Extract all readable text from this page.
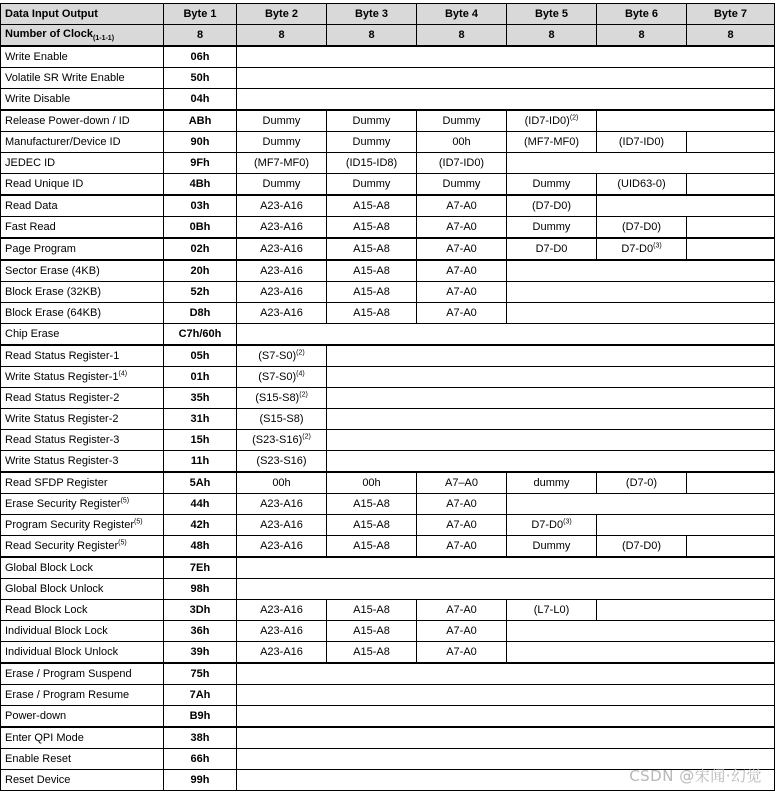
Data Input Output	Byte 1	Byte 2	Byte 3	Byte 4	Byte 5	Byte 6	Byte 7
Number of Clock$_{(1-1-1)}$	8	8	8	8	8	8	8
Write Enable	06h						
Volatile SR Write Enable	50h						
Write Disable	04h						
Release Power-down / ID	ABh	Dummy	Dummy	Dummy	$(ID7-ID0)^{(2)}$	
Manufacturer/Device ID	90h	Dummy	Dummy	00h	(MF7-MF0)	(ID7-ID0)	
JEDEC ID	9Fh	(MF7-MF0)	(ID15-ID8)	(ID7-ID0)			
Read Unique ID	4Bh	Dummy	Dummy	Dummy	Dummy	(UID63-0)	
Read Data	03h	A23-A16	A15-A8	A7-A0	(D7-D0)		
Fast Read	0Bh	A23-A16	A15-A8	A7-A0	Dummy	(D7-D0)	
Page Program	02h	A23-A16	A15-A8	A7-A0	D7-D0	D7-D0$^{(3)}$	
Sector Erase (4KB)	20h	A23-A16	A15-A8	A7-A0			
Block Erase (32KB)	52h	A23-A16	A15-A8	A7-A0			
Block Erase (64KB)	D8h	A23-A16	A15-A8	A7-A0			
Chip Erase	C7h/60h						
Read Status Register-1	05h	$(S7-S0)^{(2)}$	
Write Status Register-1$^{(4)}$	01h	$(S7-S0)^{(4)}$	
Read Status Register-2	35h	$(S15-S8)^{(2)}$	
Write Status Register-2	31h	(S15-S8)					
Read Status Register-3	15h	$(S23-S16)^{(2)}$	
Write Status Register-3	11h	(S23-S16)					
Read SFDP Register	5Ah	00h	00h	A7–A0	dummy	(D7-0)	
Erase Security Register$^{(5)}$	44h	A23-A16	A15-A8	A7-A0			
Program Security Register$^{(5)}$	42h	A23-A16	A15-A8	A7-A0	D7-D0$^{(3)}$	
Read Security Register$^{(5)}$	48h	A23-A16	A15-A8	A7-A0	Dummy	(D7-D0)	
Global Block Lock	7Eh						
Global Block Unlock	98h						
Read Block Lock	3Dh	A23-A16	A15-A8	A7-A0	(L7-L0)		
Individual Block Lock	36h	A23-A16	A15-A8	A7-A0			
Individual Block Unlock	39h	A23-A16	A15-A8	A7-A0			
Erase / Program Suspend	75h						
Erase / Program Resume	7Ah						
Power-down	B9h						
Enter QPI Mode	38h						
Enable Reset	66h						
Reset Device	99h							CSDN @宋闻·幻觉
